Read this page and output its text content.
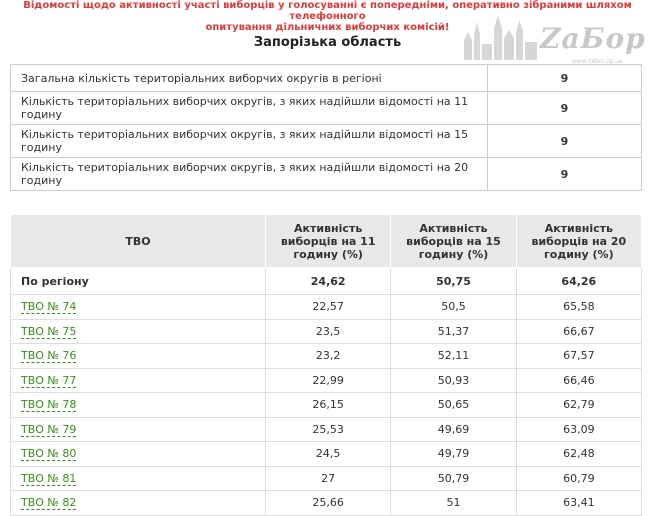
Відомості щодо активності участі виборців у голосуванні є попередніми, оперативно зібраними шляхом телефонного
опитування дільничних виборчих комісій!	ZaБор
www.zabor.zp.ua
Запорізька область
Загальна кількість територіальних виборчих округів в регіоні	9
Кількість територіальних виборчих округів, з яких надійшли відомості на 11 годину	9
Кількість територіальних виборчих округів, з яких надійшли відомості на 15 годину	9
Кількість територіальних виборчих округів, з яких надійшли відомості на 20 годину	9
ТВО	Активність виборців на 11 годину (%)	Активність виборців на 15 годину (%)	Активність виборців на 20 годину (%)
По регіону	24,62	50,75	64,26
ТВО № 74	22,57	50,5	65,58
ТВО № 75	23,5	51,37	66,67
ТВО № 76	23,2	52,11	67,57
ТВО № 77	22,99	50,93	66,46
ТВО № 78	26,15	50,65	62,79
ТВО № 79	25,53	49,69	63,09
ТВО № 80	24,5	49,79	62,48
ТВО № 81	27	50,79	60,79
ТВО № 82	25,66	51	63,41
